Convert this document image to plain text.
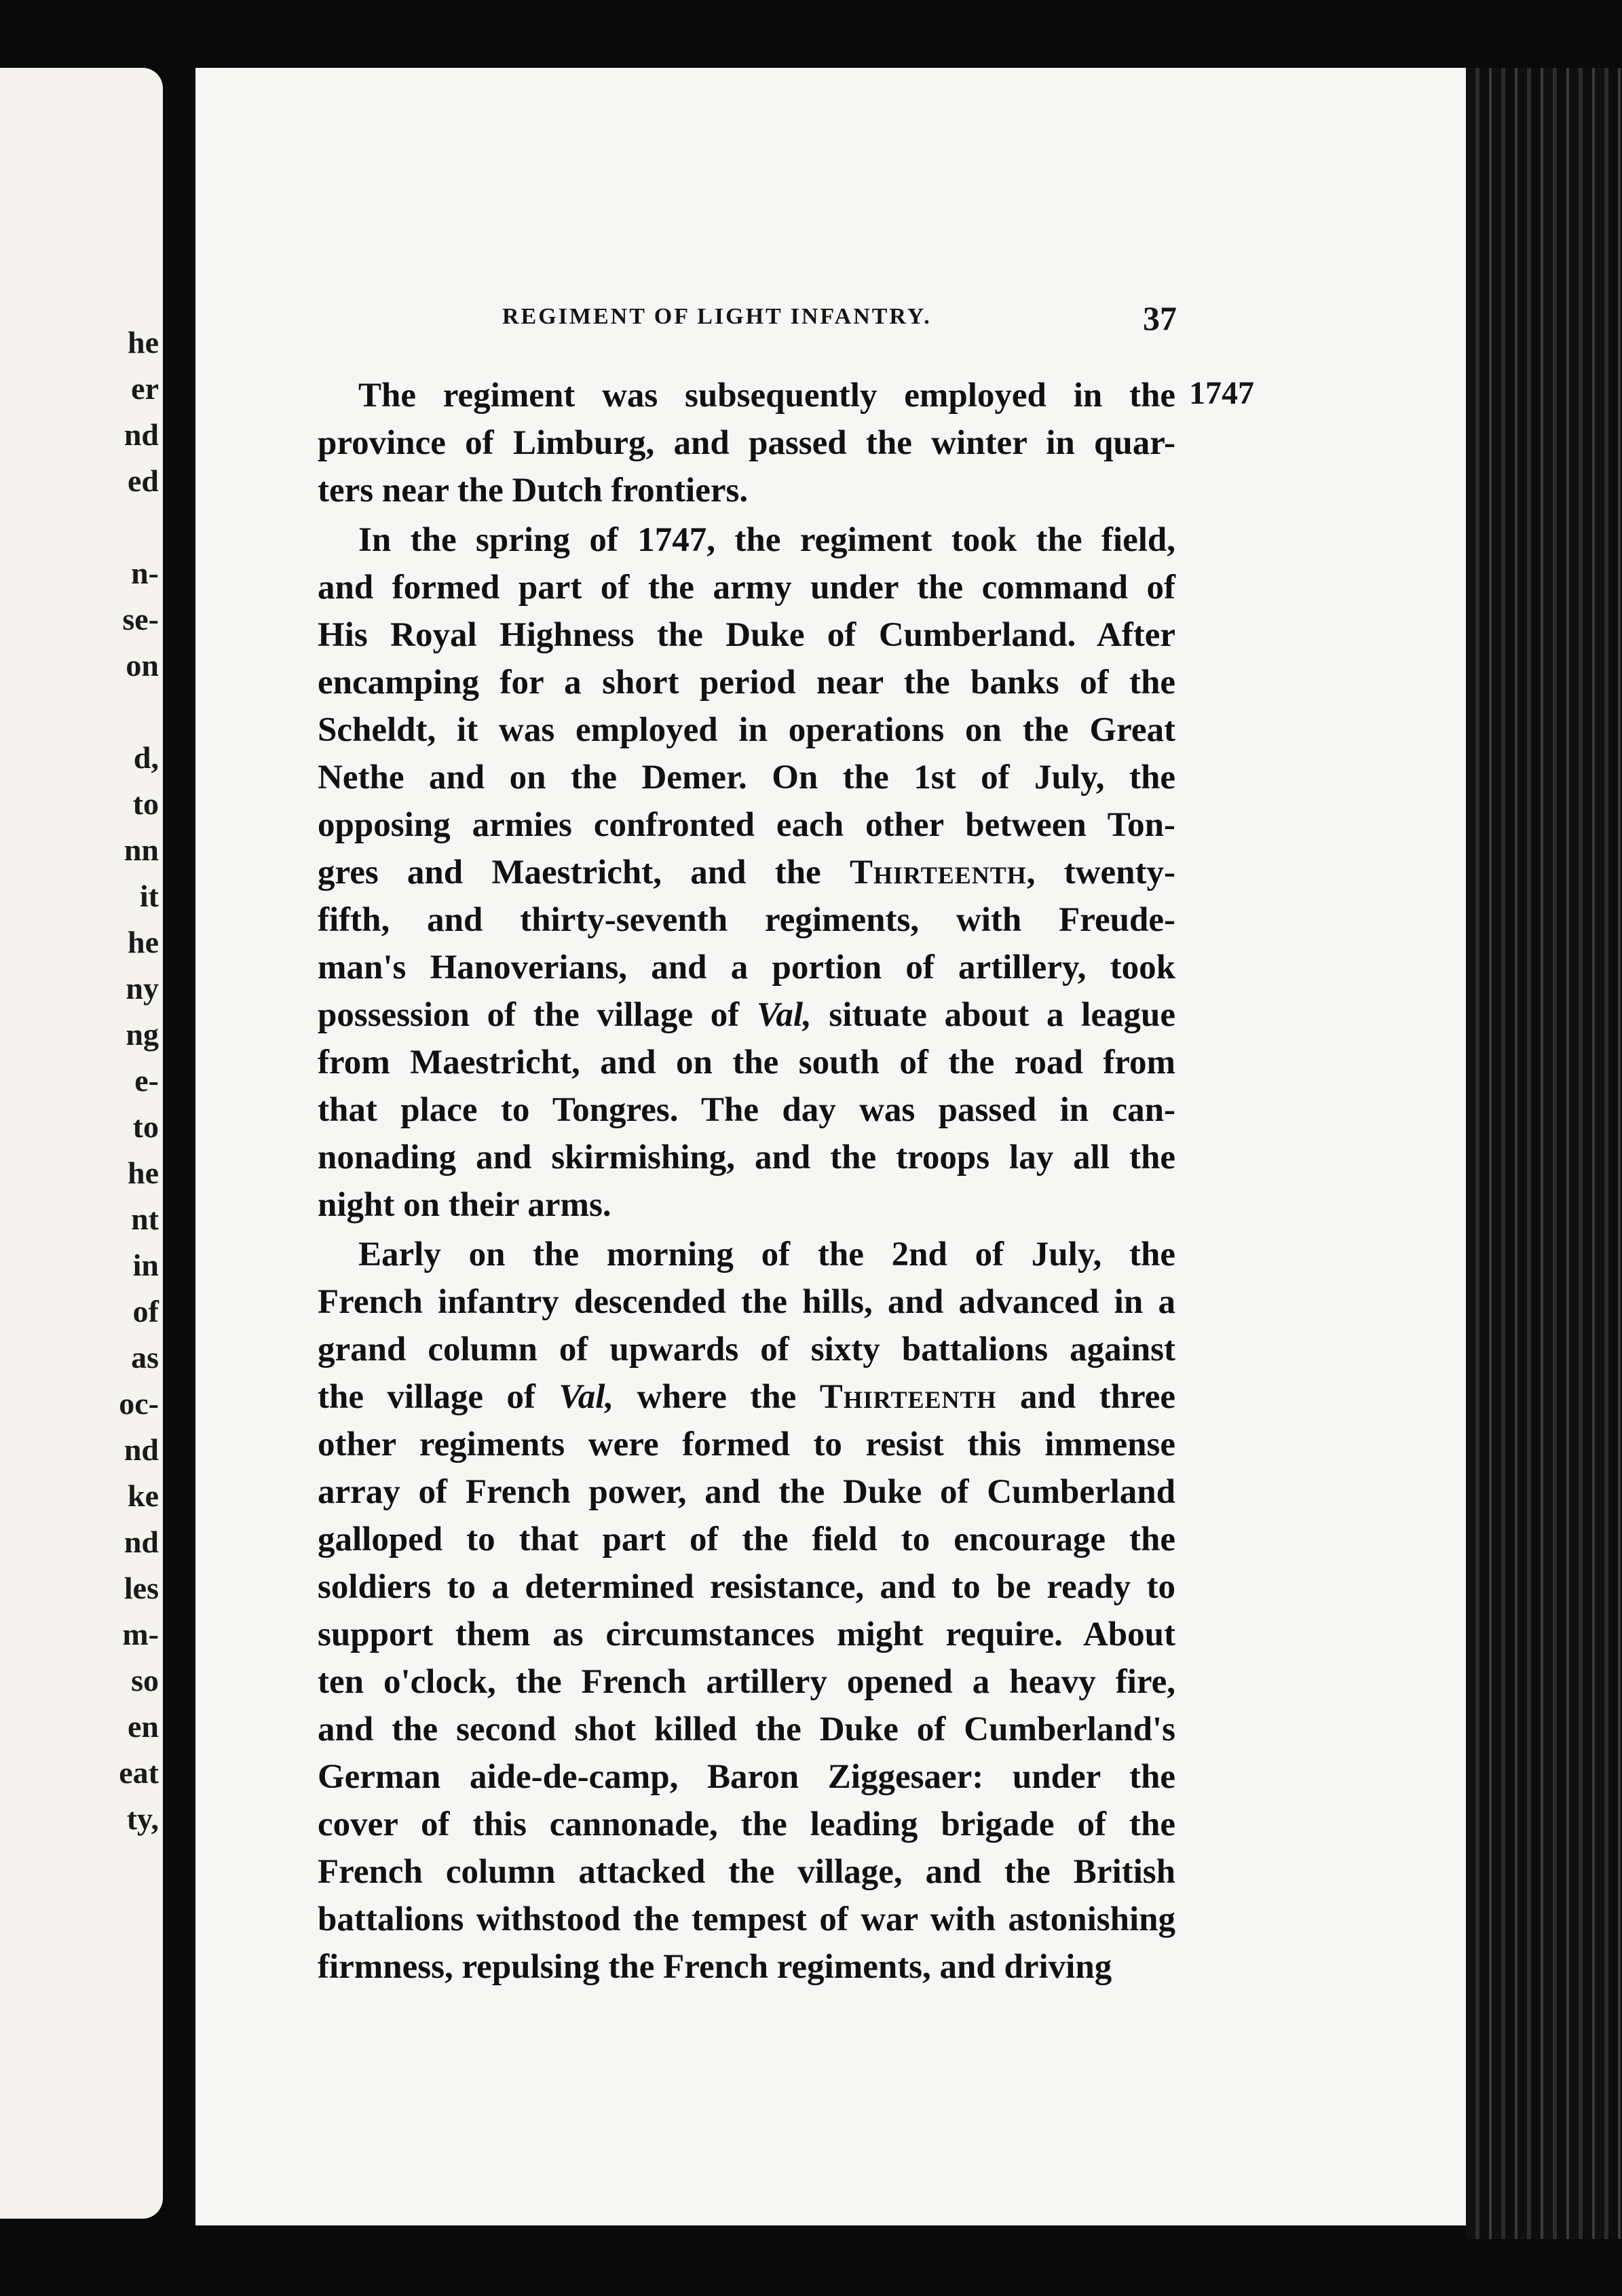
he
er
nd
ed
n-
se-
on
d,
to
nn
it
he
ny
ng
e-
to
he
nt
in
of
as
oc-
nd
ke
nd
les
m-
so
en
eat
ty,
REGIMENT OF LIGHT INFANTRY.	37
1747
The regiment was subsequently employed in the
province of Limburg, and passed the winter in quar-
ters near the Dutch frontiers.
In the spring of 1747, the regiment took the field,
and formed part of the army under the command of
His Royal Highness the Duke of Cumberland. After
encamping for a short period near the banks of the
Scheldt, it was employed in operations on the Great
Nethe and on the Demer. On the 1st of July, the
opposing armies confronted each other between Ton-
gres and Maestricht, and the Thirteenth, twenty-
fifth, and thirty-seventh regiments, with Freude-
man's Hanoverians, and a portion of artillery, took
possession of the village of Val, situate about a league
from Maestricht, and on the south of the road from
that place to Tongres. The day was passed in can-
nonading and skirmishing, and the troops lay all the
night on their arms.
Early on the morning of the 2nd of July, the
French infantry descended the hills, and advanced in a
grand column of upwards of sixty battalions against
the village of Val, where the Thirteenth and three
other regiments were formed to resist this immense
array of French power, and the Duke of Cumberland
galloped to that part of the field to encourage the
soldiers to a determined resistance, and to be ready to
support them as circumstances might require. About
ten o'clock, the French artillery opened a heavy fire,
and the second shot killed the Duke of Cumberland's
German aide-de-camp, Baron Ziggesaer: under the
cover of this cannonade, the leading brigade of the
French column attacked the village, and the British
battalions withstood the tempest of war with astonishing
firmness, repulsing the French regiments, and driving
